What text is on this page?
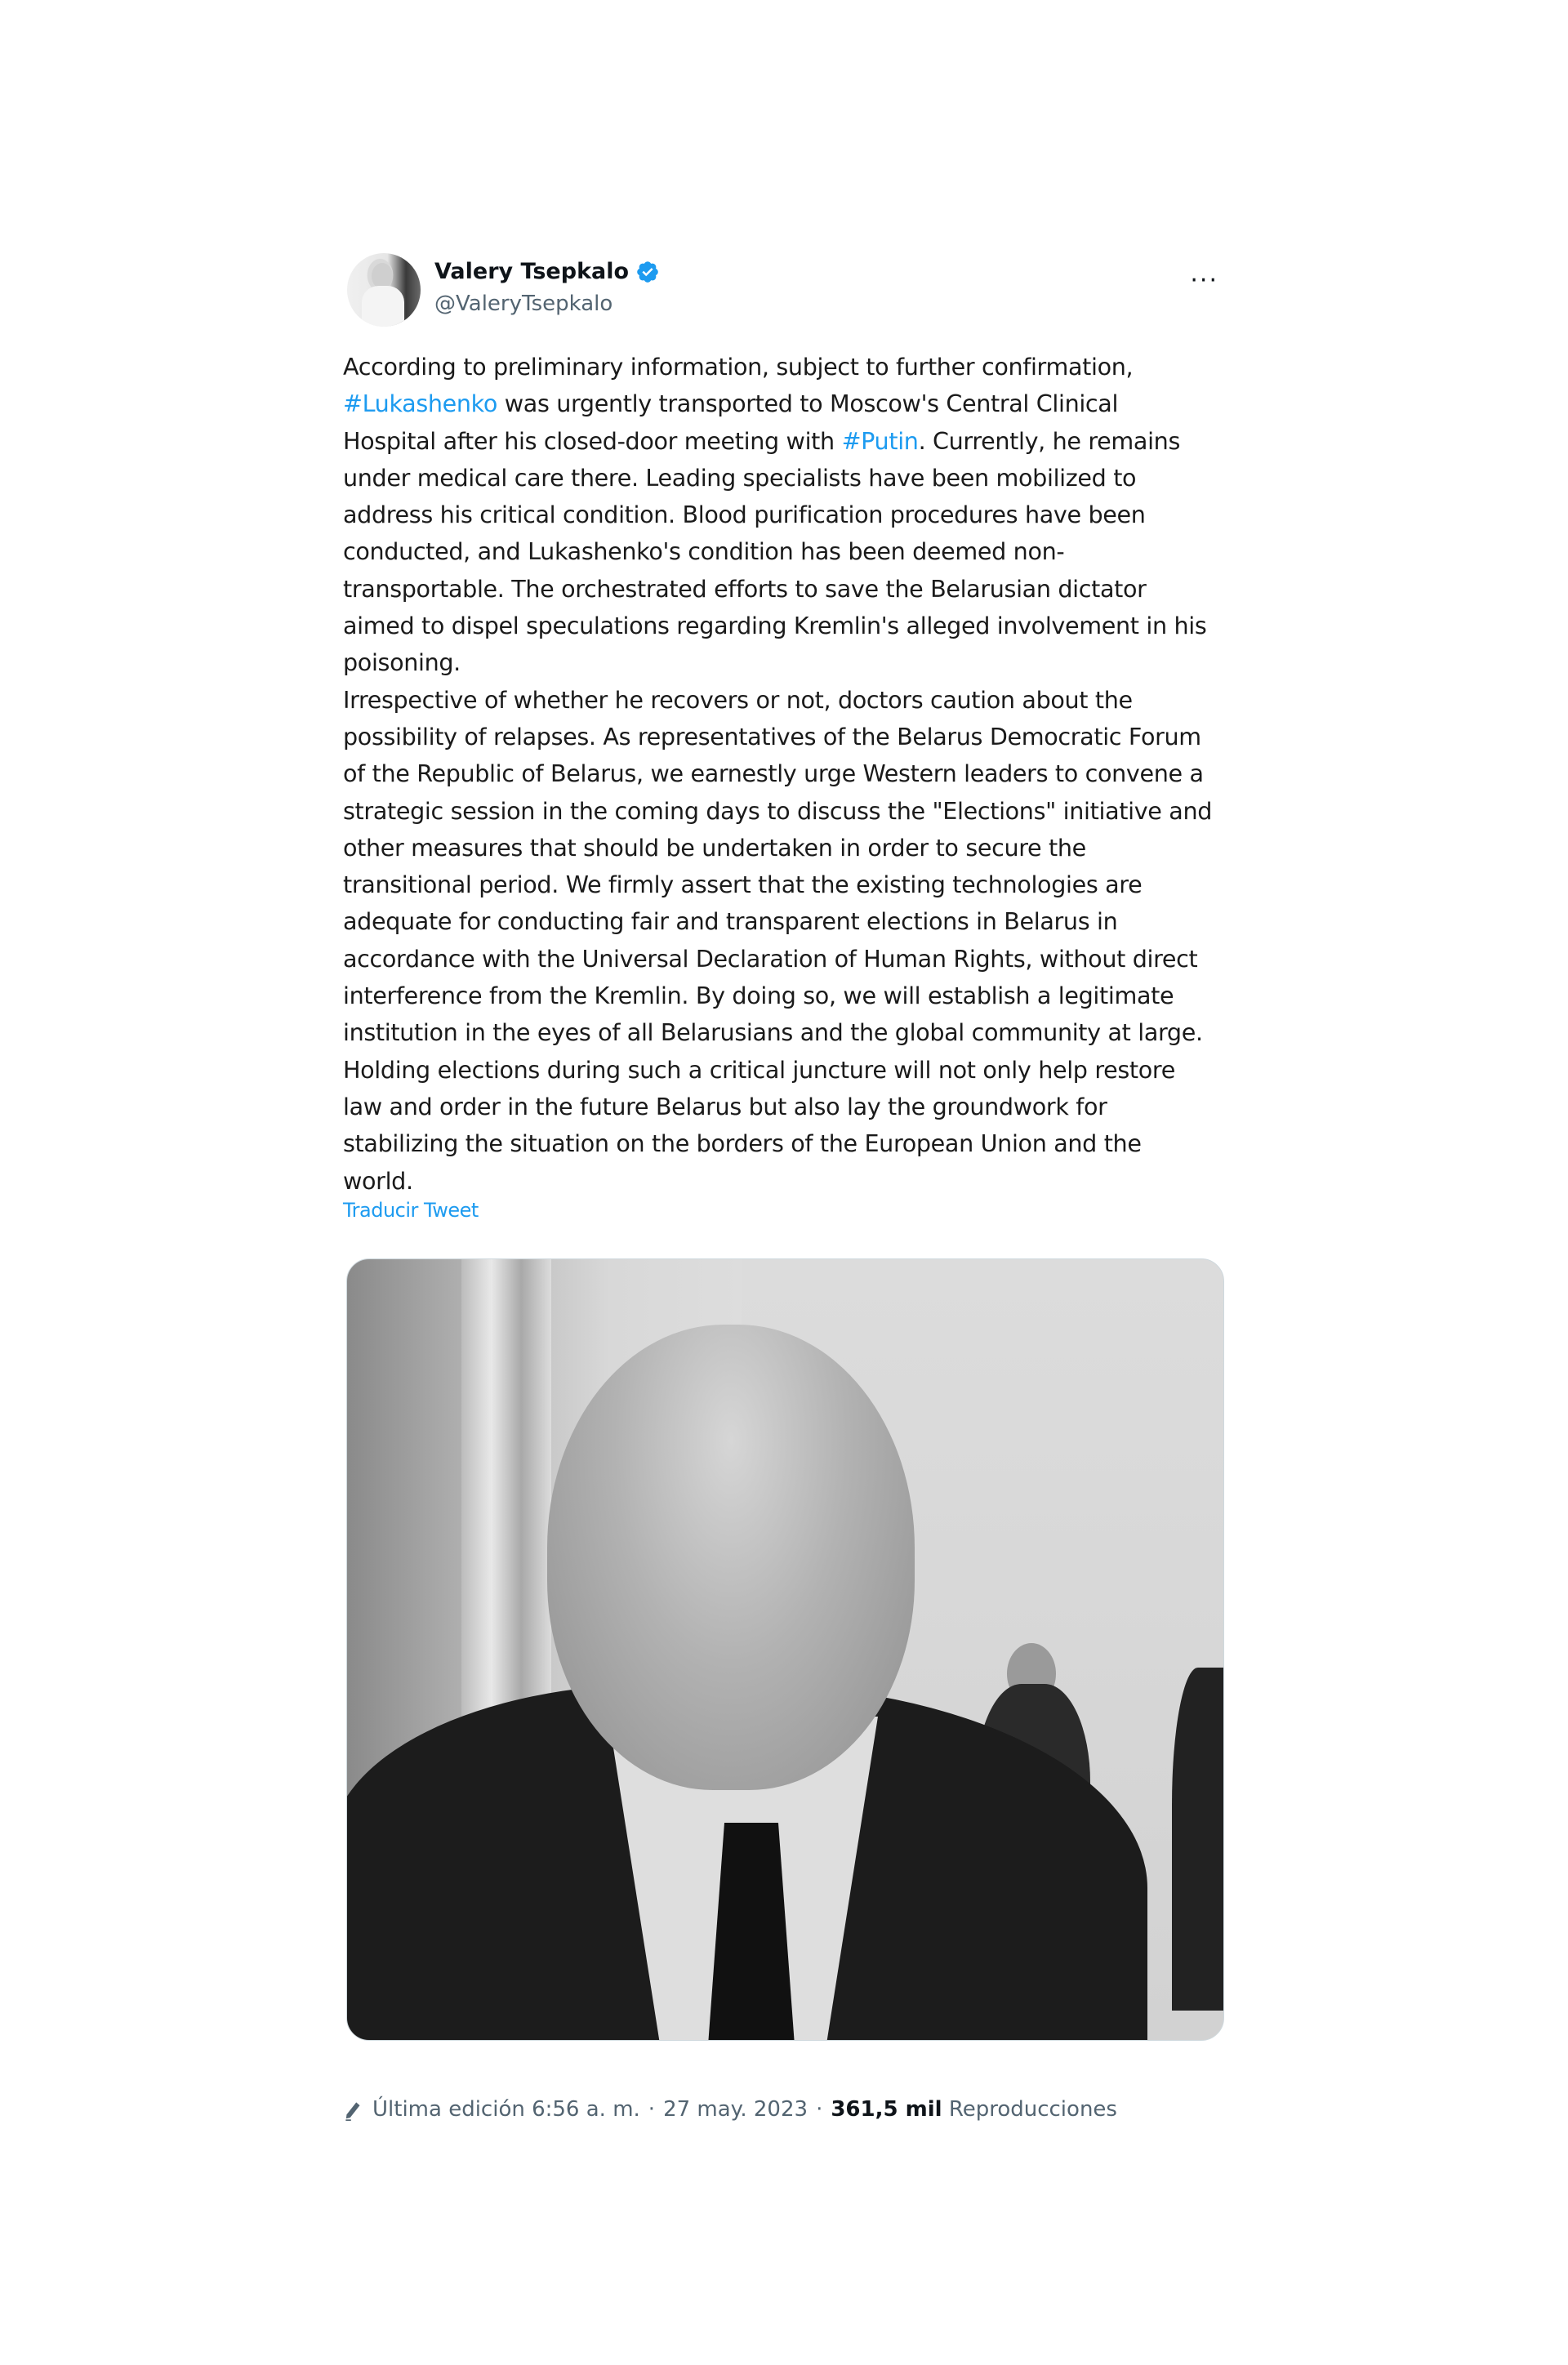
Valery Tsepkalo
@ValeryTsepkalo
···
According to preliminary information, subject to further confirmation,
#Lukashenko was urgently transported to Moscow's Central Clinical
Hospital after his closed-door meeting with #Putin. Currently, he remains
under medical care there. Leading specialists have been mobilized to
address his critical condition. Blood purification procedures have been
conducted, and Lukashenko's condition has been deemed non-
transportable. The orchestrated efforts to save the Belarusian dictator
aimed to dispel speculations regarding Kremlin's alleged involvement in his
poisoning.
Irrespective of whether he recovers or not, doctors caution about the
possibility of relapses. As representatives of the Belarus Democratic Forum
of the Republic of Belarus, we earnestly urge Western leaders to convene a
strategic session in the coming days to discuss the "Elections" initiative and
other measures that should be undertaken in order to secure the
transitional period. We firmly assert that the existing technologies are
adequate for conducting fair and transparent elections in Belarus in
accordance with the Universal Declaration of Human Rights, without direct
interference from the Kremlin. By doing so, we will establish a legitimate
institution in the eyes of all Belarusians and the global community at large.
Holding elections during such a critical juncture will not only help restore
law and order in the future Belarus but also lay the groundwork for
stabilizing the situation on the borders of the European Union and the
world.
Traducir Tweet
Última edición 6:56 a. m. · 27 may. 2023 · 361,5 mil Reproducciones
